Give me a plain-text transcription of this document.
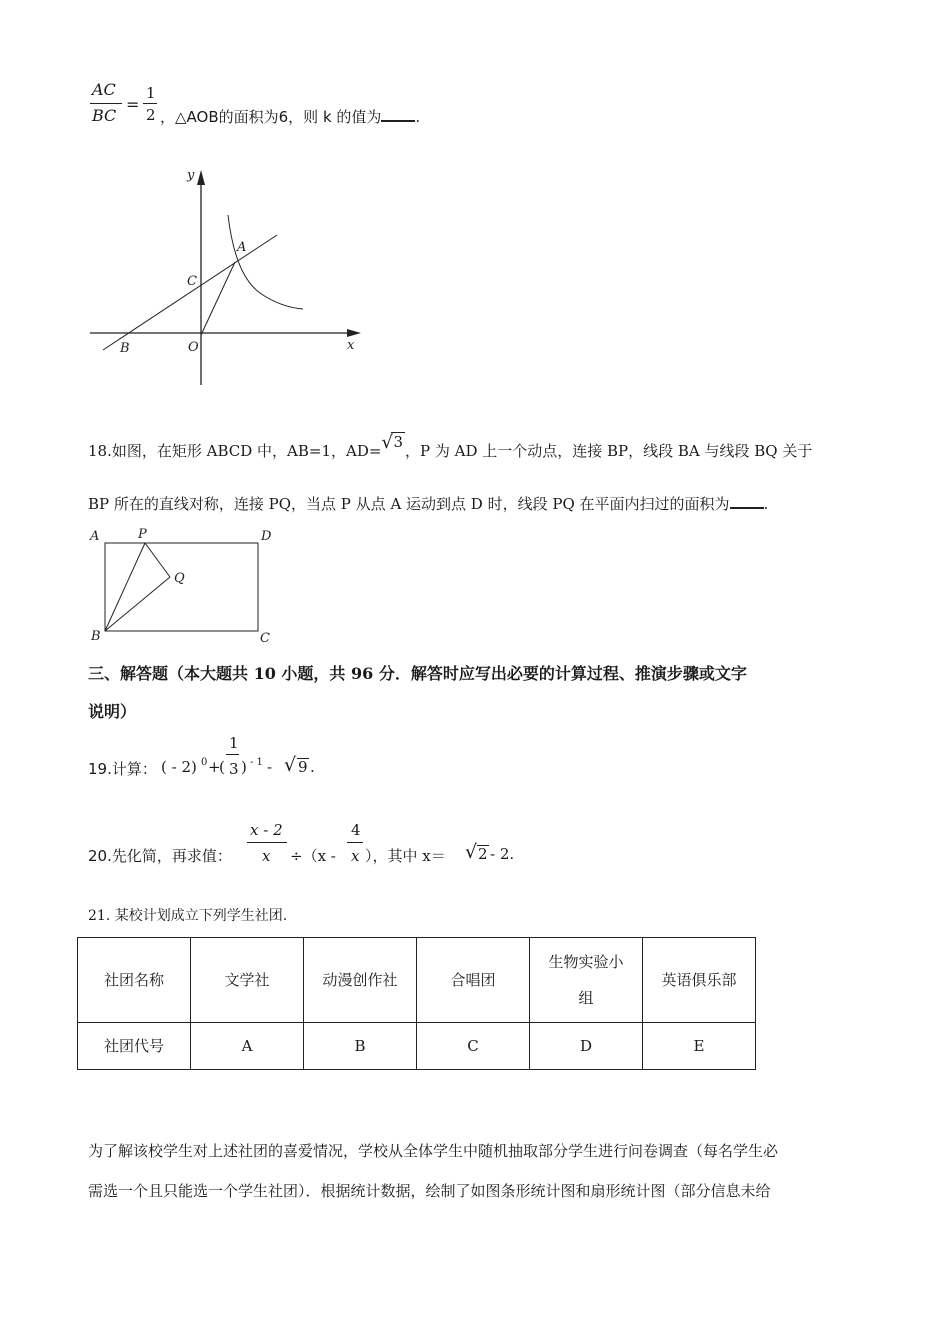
AC
BC
=
1
2 ，△AOB的面积为6，则 k 的值为 .
y
x
A
B
C
O
18.如图，在矩形 ABCD 中，AB=1，AD= √ 3 ，P 为 AD 上一个动点，连接 BP，线段 BA 与线段 BQ 关于
BP 所在的直线对称，连接 PQ，当点 P 从点 A 运动到点 D 时，线段 PQ 在平面内扫过的面积为 .
A	P	D
Q
B	C
三、解答题（本大题共 10 小题，共 96 分．解答时应写出必要的计算过程、推演步骤或文字
说明）
19.计算： ( - 2) 0 +
(
1
3 ) - 1 - √ 9 .
20.先化简，再求值：
x - 2
x ÷（x -
4
x ），其中 x＝ √ 2 - 2.
21. 某校计划成立下列学生社团.
社团名称	文学社	动漫创作社	合唱团	生物实验小组	英语俱乐部
社团代号	A	B	C	D	E
为了解该校学生对上述社团的喜爱情况，学校从全体学生中随机抽取部分学生进行问卷调查（每名学生必
需选一个且只能选一个学生社团）．根据统计数据，绘制了如图条形统计图和扇形统计图（部分信息未给
